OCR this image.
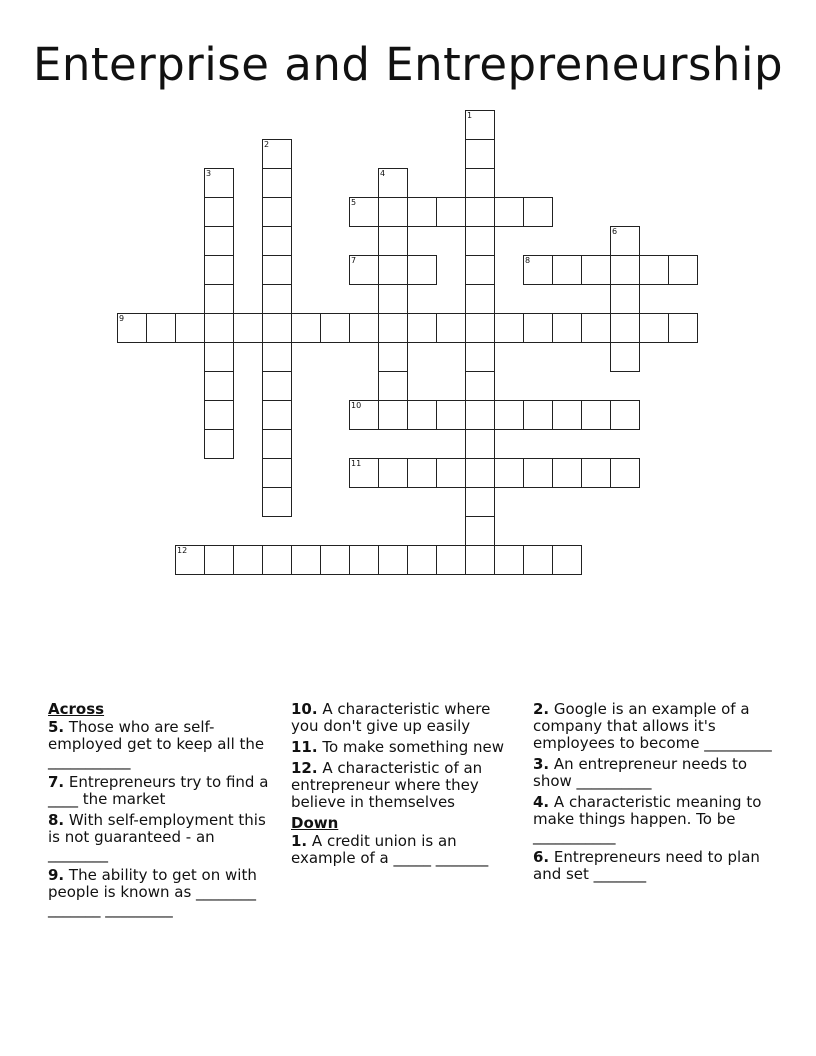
Enterprise and Entrepreneurship
1
2
3	4
5
6
7	8
9
10
11
12
Across
5. Those who are self-employed get to keep all the ___________
7. Entrepreneurs try to find a ____ the market
8. With self-employment this is not guaranteed - an ________
9. The ability to get on with people is known as ________ _______ _________
10. A characteristic where you don't give up easily
11. To make something new
12. A characteristic of an entrepreneur where they believe in themselves
Down
1. A credit union is an example of a _____ _______
2. Google is an example of a company that allows it's employees to become _________
3. An entrepreneur needs to show __________
4. A characteristic meaning to make things happen. To be ___________
6. Entrepreneurs need to plan and set _______
